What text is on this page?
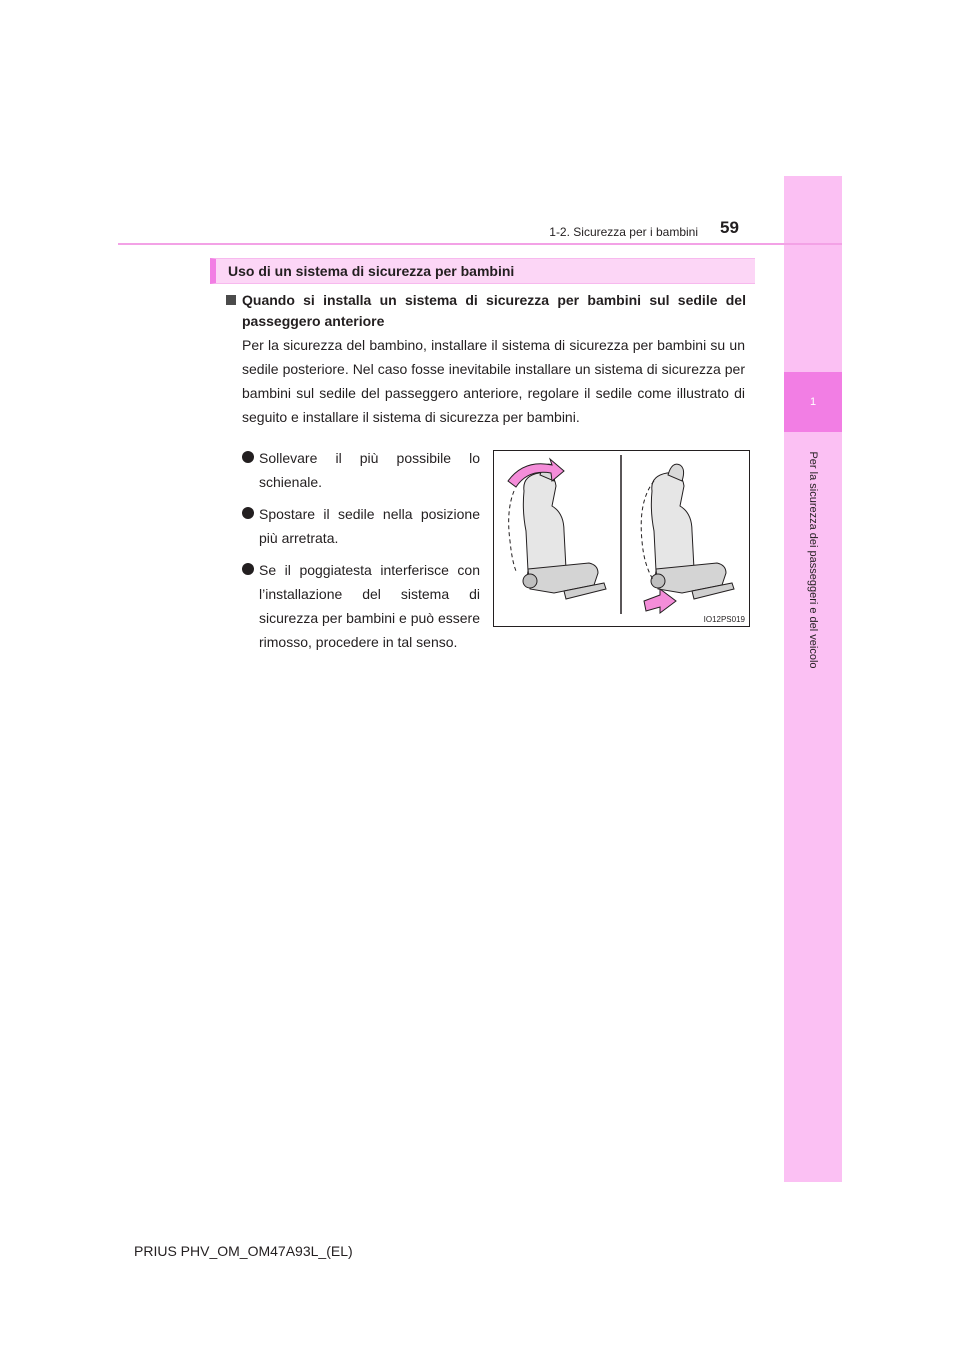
1
Per la sicurezza dei passeggeri e del veicolo
1-2. Sicurezza per i bambini 59
Uso di un sistema di sicurezza per bambini
Quando si installa un sistema di sicurezza per bambini sul sedile del passeggero anteriore
Per la sicurezza del bambino, installare il sistema di sicurezza per bambini su un sedile posteriore. Nel caso fosse inevitabile installare un sistema di sicurezza per bambini sul sedile del passeggero anteriore, regolare il sedile come illustrato di seguito e installare il sistema di sicurezza per bambini.
Sollevare il più possibile lo schienale.
Spostare il sedile nella posizione più arretrata.
Se il poggiatesta interferisce con l’installazione del sistema di sicurezza per bambini e può essere rimosso, procedere in tal senso.
IO12PS019
PRIUS PHV_OM_OM47A93L_(EL)
